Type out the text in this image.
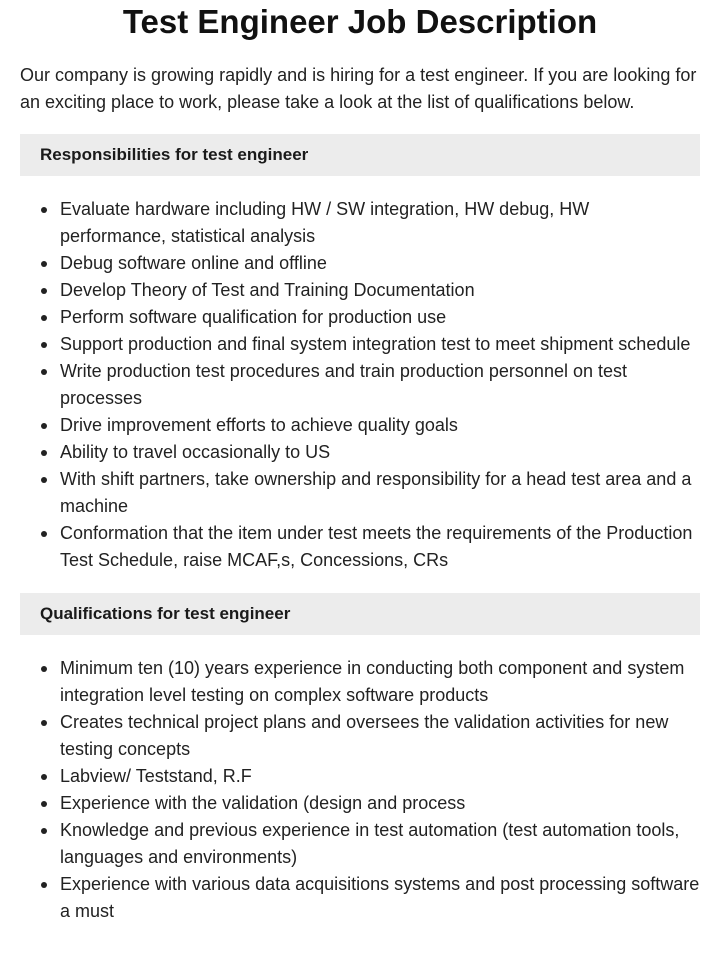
Test Engineer Job Description

Our company is growing rapidly and is hiring for a test engineer. If you are looking for an exciting place to work, please take a look at the list of qualifications below.

Responsibilities for test engineer
Evaluate hardware including HW / SW integration, HW debug, HW performance, statistical analysis
Debug software online and offline
Develop Theory of Test and Training Documentation
Perform software qualification for production use
Support production and final system integration test to meet shipment schedule
Write production test procedures and train production personnel on test processes
Drive improvement efforts to achieve quality goals
Ability to travel occasionally to US
With shift partners, take ownership and responsibility for a head test area and a machine
Conformation that the item under test meets the requirements of the Production Test Schedule, raise MCAF,s, Concessions, CRs
Qualifications for test engineer
Minimum ten (10) years experience in conducting both component and system integration level testing on complex software products
Creates technical project plans and oversees the validation activities for new testing concepts
Labview/ Teststand, R.F
Experience with the validation (design and process
Knowledge and previous experience in test automation (test automation tools, languages and environments)
Experience with various data acquisitions systems and post processing software a must
